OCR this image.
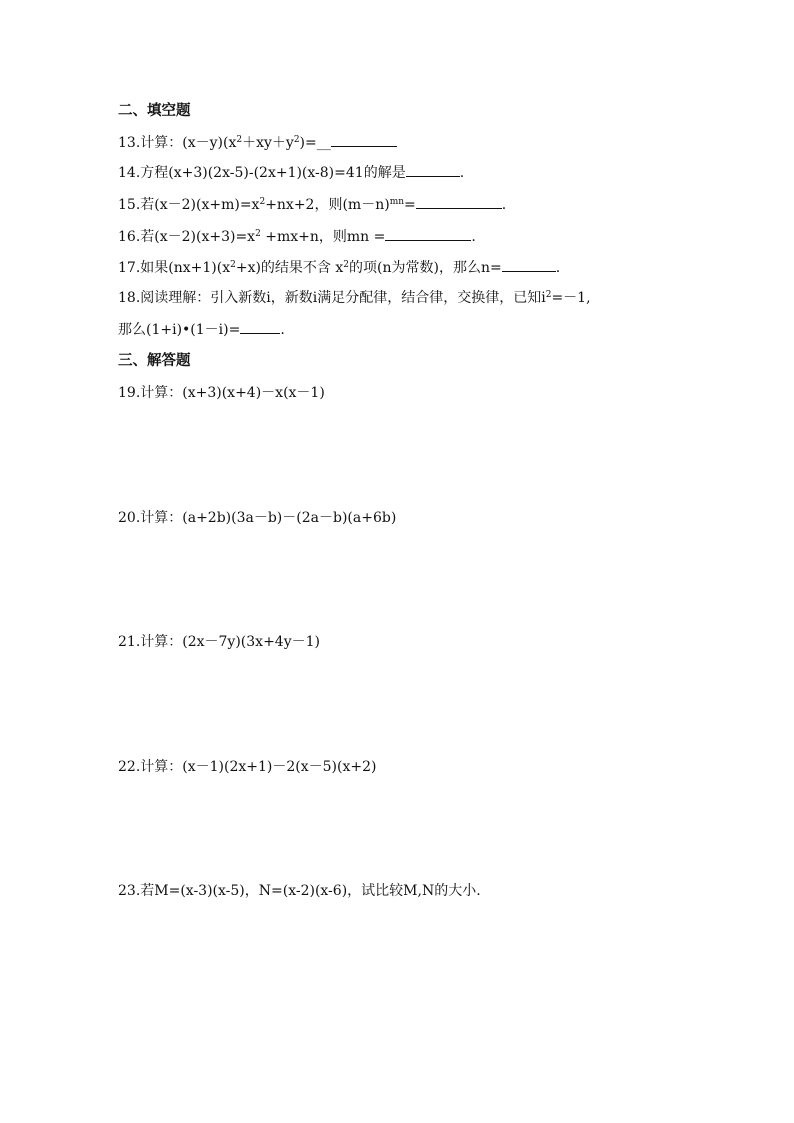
二、填空题
13.计算：$(x-y)(x^2+xy+y^2)=\_\_$
14.方程(x+3)(2x-5)-(2x+1)(x-8)=41的解是	.
15.若$(x-2)(x+m)=x^2+nx+2$，则$(m-n)^{mn}=$	.
16.若$(x-2)(x+3)=x^2 +mx+n$，则mn =	.
17.如果$(nx+1)(x^2+x)$的结果不含 $x^2$的项(n为常数)，那么n=	.
18.阅读理解：引入新数i，新数i满足分配律，结合律，交换律，已知$i^2=-1$,
那么(1+i)•(1－i)=	.
三、解答题
19.计算：(x+3)(x+4)－x(x－1)
20.计算：(a+2b)(3a－b)－(2a－b)(a+6b)
21.计算：(2x－7y)(3x+4y－1)
22.计算：(x－1)(2x+1)－2(x－5)(x+2)
23.若M=(x-3)(x-5)，N=(x-2)(x-6)，试比较M,N的大小.
